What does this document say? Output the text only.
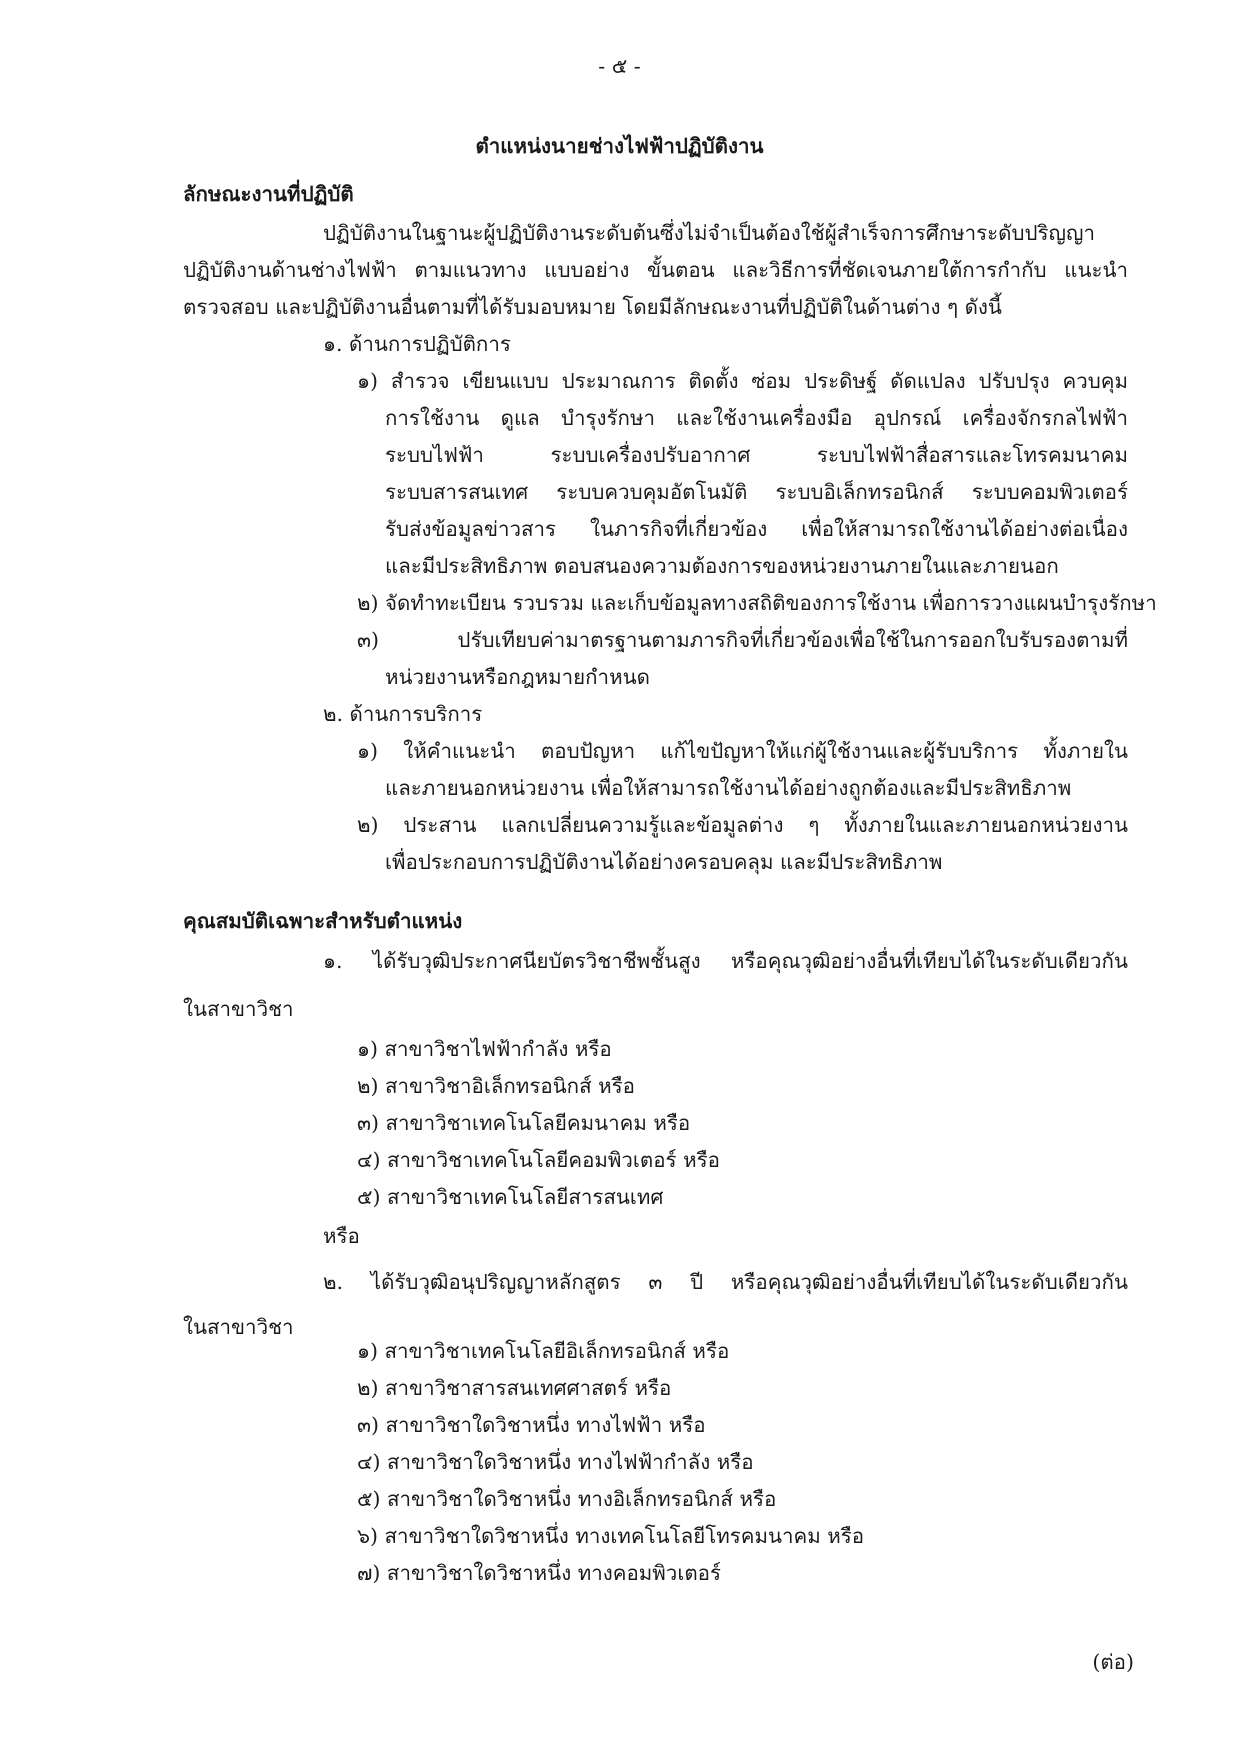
- ๕ -

ตำแหน่งนายช่างไฟฟ้าปฏิบัติงาน

ลักษณะงานที่ปฏิบัติ

ปฏิบัติงานในฐานะผู้ปฏิบัติงานระดับต้นซึ่งไม่จำเป็นต้องใช้ผู้สำเร็จการศึกษาระดับปริญญา

ปฏิบัติงานด้านช่างไฟฟ้า ตามแนวทาง แบบอย่าง ขั้นตอน และวิธีการที่ชัดเจนภายใต้การกำกับ แนะนำ

ตรวจสอบ และปฏิบัติงานอื่นตามที่ได้รับมอบหมาย โดยมีลักษณะงานที่ปฏิบัติในด้านต่าง ๆ ดังนี้

๑. ด้านการปฏิบัติการ

๑) สำรวจ เขียนแบบ ประมาณการ ติดตั้ง ซ่อม ประดิษฐ์ ดัดแปลง ปรับปรุง ควบคุม

การใช้งาน ดูแล บำรุงรักษา และใช้งานเครื่องมือ อุปกรณ์ เครื่องจักรกลไฟฟ้า

ระบบไฟฟ้า ระบบเครื่องปรับอากาศ ระบบไฟฟ้าสื่อสารและโทรคมนาคม

ระบบสารสนเทศ ระบบควบคุมอัตโนมัติ ระบบอิเล็กทรอนิกส์ ระบบคอมพิวเตอร์

รับส่งข้อมูลข่าวสาร ในภารกิจที่เกี่ยวข้อง เพื่อให้สามารถใช้งานได้อย่างต่อเนื่อง

และมีประสิทธิภาพ ตอบสนองความต้องการของหน่วยงานภายในและภายนอก

๒) จัดทำทะเบียน รวบรวม และเก็บข้อมูลทางสถิติของการใช้งาน เพื่อการวางแผนบำรุงรักษา

๓) ปรับเทียบค่ามาตรฐานตามภารกิจที่เกี่ยวข้องเพื่อใช้ในการออกใบรับรองตามที่

หน่วยงานหรือกฎหมายกำหนด

๒. ด้านการบริการ

๑) ให้คำแนะนำ ตอบปัญหา แก้ไขปัญหาให้แก่ผู้ใช้งานและผู้รับบริการ ทั้งภายใน

และภายนอกหน่วยงาน เพื่อให้สามารถใช้งานได้อย่างถูกต้องและมีประสิทธิภาพ

๒) ประสาน แลกเปลี่ยนความรู้และข้อมูลต่าง ๆ ทั้งภายในและภายนอกหน่วยงาน

เพื่อประกอบการปฏิบัติงานได้อย่างครอบคลุม และมีประสิทธิภาพ

คุณสมบัติเฉพาะสำหรับตำแหน่ง

๑. ได้รับวุฒิประกาศนียบัตรวิชาชีพชั้นสูง หรือคุณวุฒิอย่างอื่นที่เทียบได้ในระดับเดียวกัน

ในสาขาวิชา

๑) สาขาวิชาไฟฟ้ากำลัง หรือ

๒) สาขาวิชาอิเล็กทรอนิกส์ หรือ

๓) สาขาวิชาเทคโนโลยีคมนาคม หรือ

๔) สาขาวิชาเทคโนโลยีคอมพิวเตอร์ หรือ

๕) สาขาวิชาเทคโนโลยีสารสนเทศ

หรือ

๒. ได้รับวุฒิอนุปริญญาหลักสูตร ๓ ปี หรือคุณวุฒิอย่างอื่นที่เทียบได้ในระดับเดียวกัน

ในสาขาวิชา

๑) สาขาวิชาเทคโนโลยีอิเล็กทรอนิกส์ หรือ

๒) สาขาวิชาสารสนเทศศาสตร์ หรือ

๓) สาขาวิชาใดวิชาหนึ่ง ทางไฟฟ้า หรือ

๔) สาขาวิชาใดวิชาหนึ่ง ทางไฟฟ้ากำลัง หรือ

๕) สาขาวิชาใดวิชาหนึ่ง ทางอิเล็กทรอนิกส์ หรือ

๖) สาขาวิชาใดวิชาหนึ่ง ทางเทคโนโลยีโทรคมนาคม หรือ

๗) สาขาวิชาใดวิชาหนึ่ง ทางคอมพิวเตอร์

(ต่อ)
